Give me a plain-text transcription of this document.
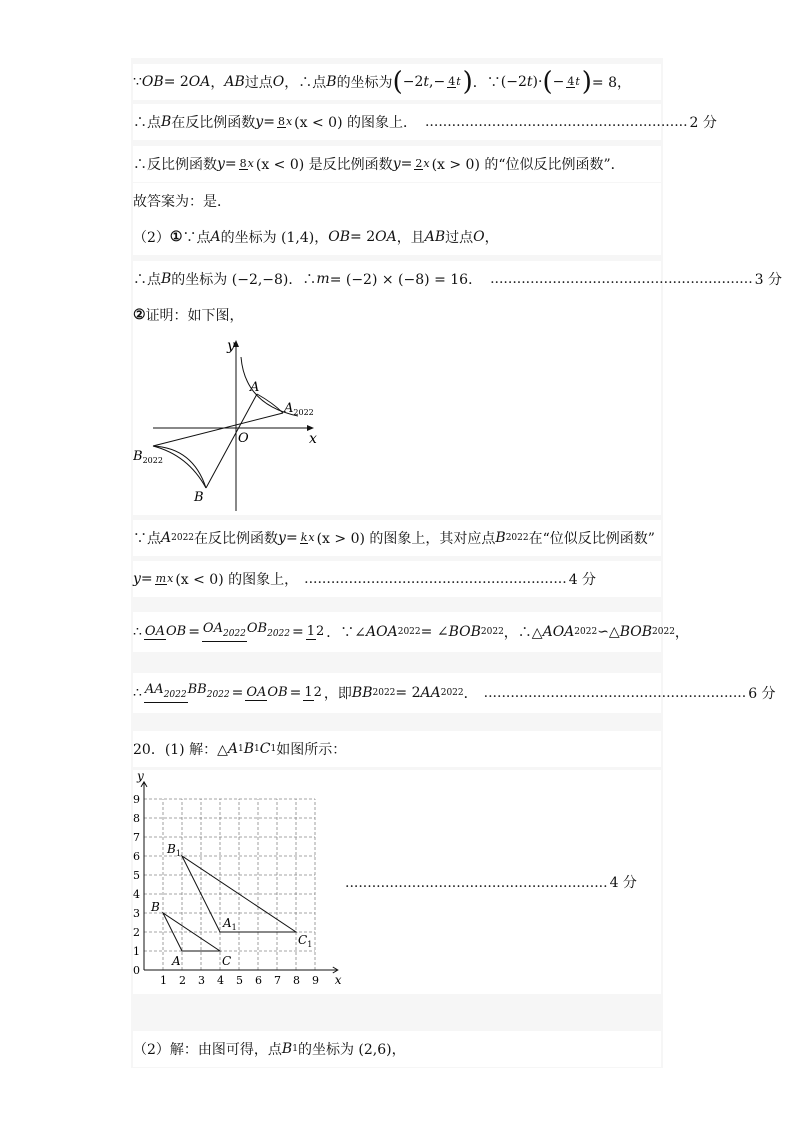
∵ OB = 2 OA ， AB 过点 O ，∴点 B 的坐标为 ( −2 t ,− 4t ) ．∵ (−2 t )· ( − 4t ) = 8，
∴点 B 在反比例函数 y = 8x (x < 0) 的图象上． ........................................................... 2 分
∴反比例函数 y = 8x (x < 0) 是反比例函数 y = 2x (x > 0) 的“位似反比例函数”．
故答案为：是．
（2） ① ∵点 A 的坐标为 (1,4)， OB = 2 OA ，且 AB 过点 O ，
∴点 B 的坐标为 (−2,−8)．∴ m = (−2) × (−8) = 16． ........................................................... 3 分
② 证明：如下图，
y
x
O
A
$A_{2022}$
$B_{2022}$
B
∵点 A 2022 在反比例函数 y = kx (x > 0) 的图象上，其对应点 B 2022 在“位似反比例函数”
y = mx (x < 0) 的图象上， ........................................................... 4 分
∴ OAOB = OA2022OB2022 = 12 ．∵∠ AOA 2022 = ∠ BOB 2022 ，∴△ AOA 2022 ∽△ BOB 2022 ，
∴ AA2022BB2022 = OAOB = 12 ，即 BB 2022 = 2 AA 2022 ． ........................................................... 6 分
20．(1) 解：△ A 1 B 1 C 1 如图所示：
1 2 3 4 5 6 7 8 9
1
2
3
4
5
6
7
8
9
0
x
y
$B_1$
$A_1$
$C_1$
B
A	C
........................................................... 4 分
（2）解：由图可得，点 B 1 的坐标为 (2,6)，
